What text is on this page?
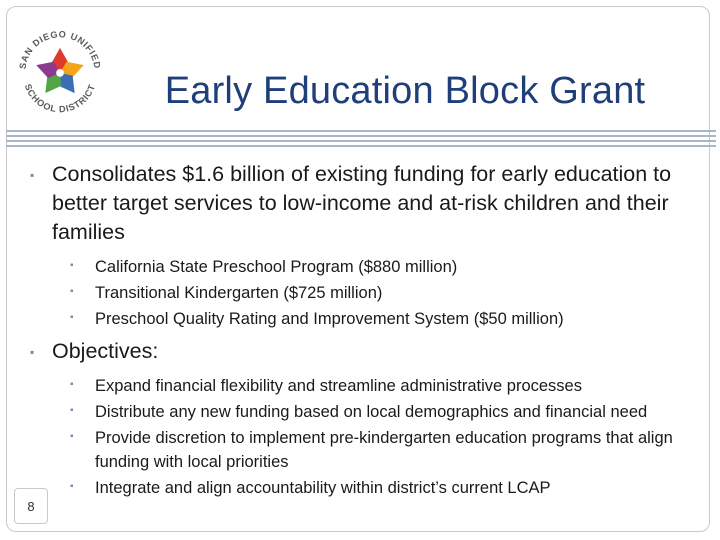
SAN DIEGO UNIFIED
SCHOOL DISTRICT	Early Education Block Grant
▪ Consolidates $1.6 billion of existing funding for early education to better target services to low-income and at-risk children and their families
▪ California State Preschool Program ($880 million)
▪ Transitional Kindergarten ($725 million)
▪ Preschool Quality Rating and Improvement System ($50 million)
▪ Objectives:
▪ Expand financial flexibility and streamline administrative processes
▪ Distribute any new funding based on local demographics and financial need
▪ Provide discretion to implement pre-kindergarten education programs that align funding with local priorities
▪ Integrate and align accountability within district’s current LCAP
8
